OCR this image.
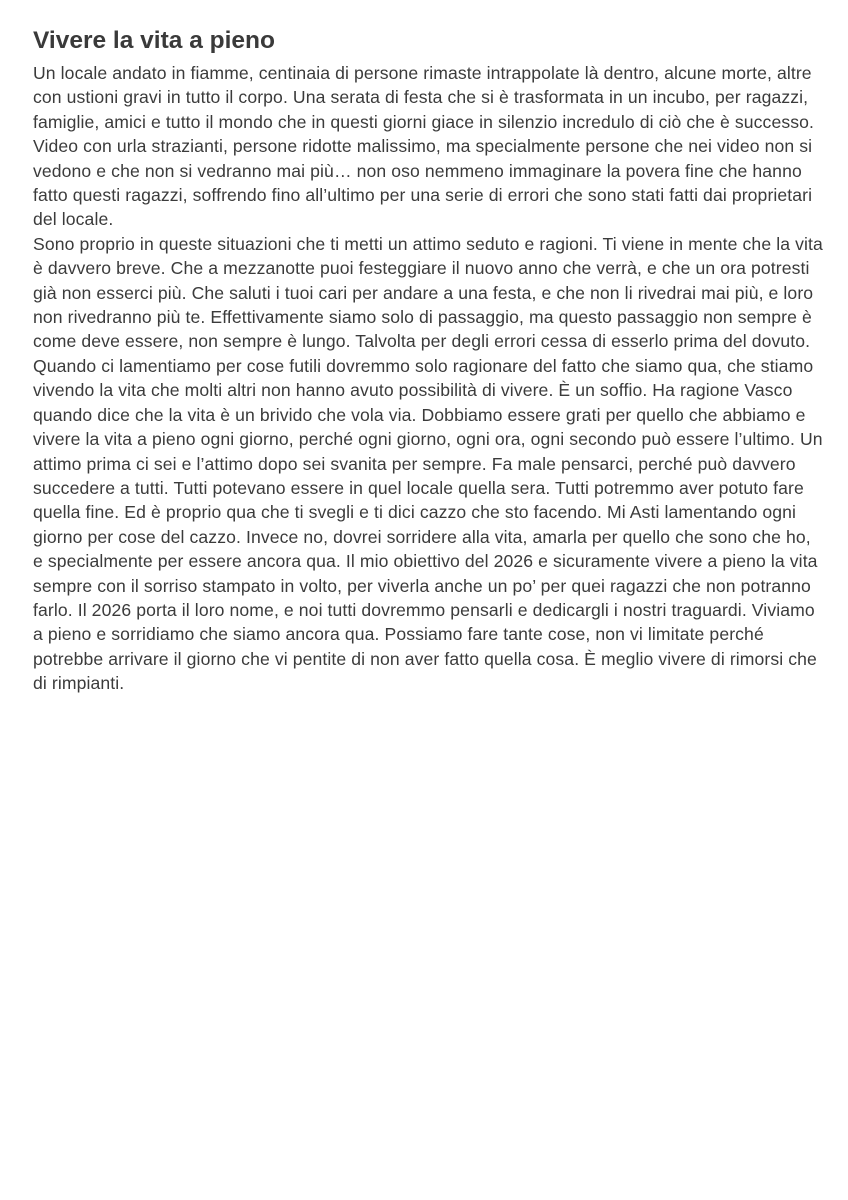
Vivere la vita a pieno

Un locale andato in fiamme, centinaia di persone rimaste intrappolate là dentro, alcune morte, altre con ustioni gravi in tutto il corpo. Una serata di festa che si è trasformata in un incubo, per ragazzi, famiglie, amici e tutto il mondo che in questi giorni giace in silenzio incredulo di ciò che è successo. Video con urla strazianti, persone ridotte malissimo, ma specialmente persone che nei video non si vedono e che non si vedranno mai più… non oso nemmeno immaginare la povera fine che hanno fatto questi ragazzi, soffrendo fino all’ultimo per una serie di errori che sono stati fatti dai proprietari del locale.

Sono proprio in queste situazioni che ti metti un attimo seduto e ragioni. Ti viene in mente che la vita è davvero breve. Che a mezzanotte puoi festeggiare il nuovo anno che verrà, e che un ora potresti già non esserci più. Che saluti i tuoi cari per andare a una festa, e che non li rivedrai mai più, e loro non rivedranno più te. Effettivamente siamo solo di passaggio, ma questo passaggio non sempre è come deve essere, non sempre è lungo. Talvolta per degli errori cessa di esserlo prima del dovuto. Quando ci lamentiamo per cose futili dovremmo solo ragionare del fatto che siamo qua, che stiamo vivendo la vita che molti altri non hanno avuto possibilità di vivere. È un soffio. Ha ragione Vasco quando dice che la vita è un brivido che vola via. Dobbiamo essere grati per quello che abbiamo e vivere la vita a pieno ogni giorno, perché ogni giorno, ogni ora, ogni secondo può essere l’ultimo. Un attimo prima ci sei e l’attimo dopo sei svanita per sempre. Fa male pensarci, perché può davvero succedere a tutti. Tutti potevano essere in quel locale quella sera. Tutti potremmo aver potuto fare quella fine. Ed è proprio qua che ti svegli e ti dici cazzo che sto facendo. Mi Asti lamentando ogni giorno per cose del cazzo. Invece no, dovrei sorridere alla vita, amarla per quello che sono che ho, e specialmente per essere ancora qua. Il mio obiettivo del 2026 e sicuramente vivere a pieno la vita sempre con il sorriso stampato in volto, per viverla anche un po’ per quei ragazzi che non potranno farlo. Il 2026 porta il loro nome, e noi tutti dovremmo pensarli e dedicargli i nostri traguardi. Viviamo a pieno e sorridiamo che siamo ancora qua. Possiamo fare tante cose, non vi limitate perché potrebbe arrivare il giorno che vi pentite di non aver fatto quella cosa. È meglio vivere di rimorsi che di rimpianti.
